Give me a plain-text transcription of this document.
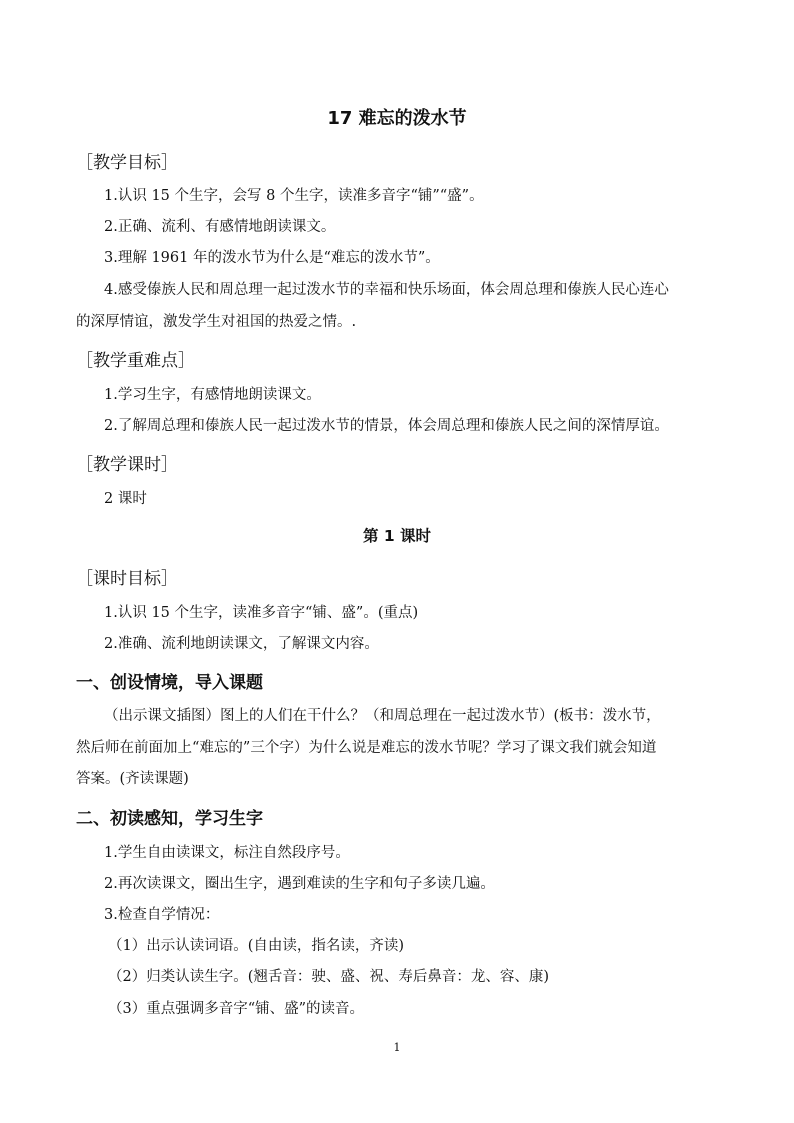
17 难忘的泼水节
［教学目标］

1.认识 15 个生字，会写 8 个生字，读准多音字“铺”“盛”。

2.正确、流利、有感情地朗读课文。

3.理解 1961 年的泼水节为什么是“难忘的泼水节”。

4.感受傣族人民和周总理一起过泼水节的幸福和快乐场面，体会周总理和傣族人民心连心

的深厚情谊，激发学生对祖国的热爱之情。.

［教学重难点］

1.学习生字，有感情地朗读课文。

2.了解周总理和傣族人民一起过泼水节的情景，体会周总理和傣族人民之间的深情厚谊。

［教学课时］

2 课时

第 1 课时
［课时目标］

1.认识 15 个生字，读准多音字“铺、盛”。(重点)

2.准确、流利地朗读课文，了解课文内容。

一、创设情境，导入课题

（出示课文插图）图上的人们在干什么？（和周总理在一起过泼水节）(板书：泼水节，

然后师在前面加上“难忘的”三个字）为什么说是难忘的泼水节呢？学习了课文我们就会知道

答案。(齐读课题)

二、初读感知，学习生字

1.学生自由读课文，标注自然段序号。

2.再次读课文，圈出生字，遇到难读的生字和句子多读几遍。

3.检查自学情况：

（1）出示认读词语。(自由读，指名读，齐读)

（2）归类认读生字。(翘舌音：驶、盛、祝、寿后鼻音：龙、容、康)

（3）重点强调多音字“铺、盛”的读音。

1
